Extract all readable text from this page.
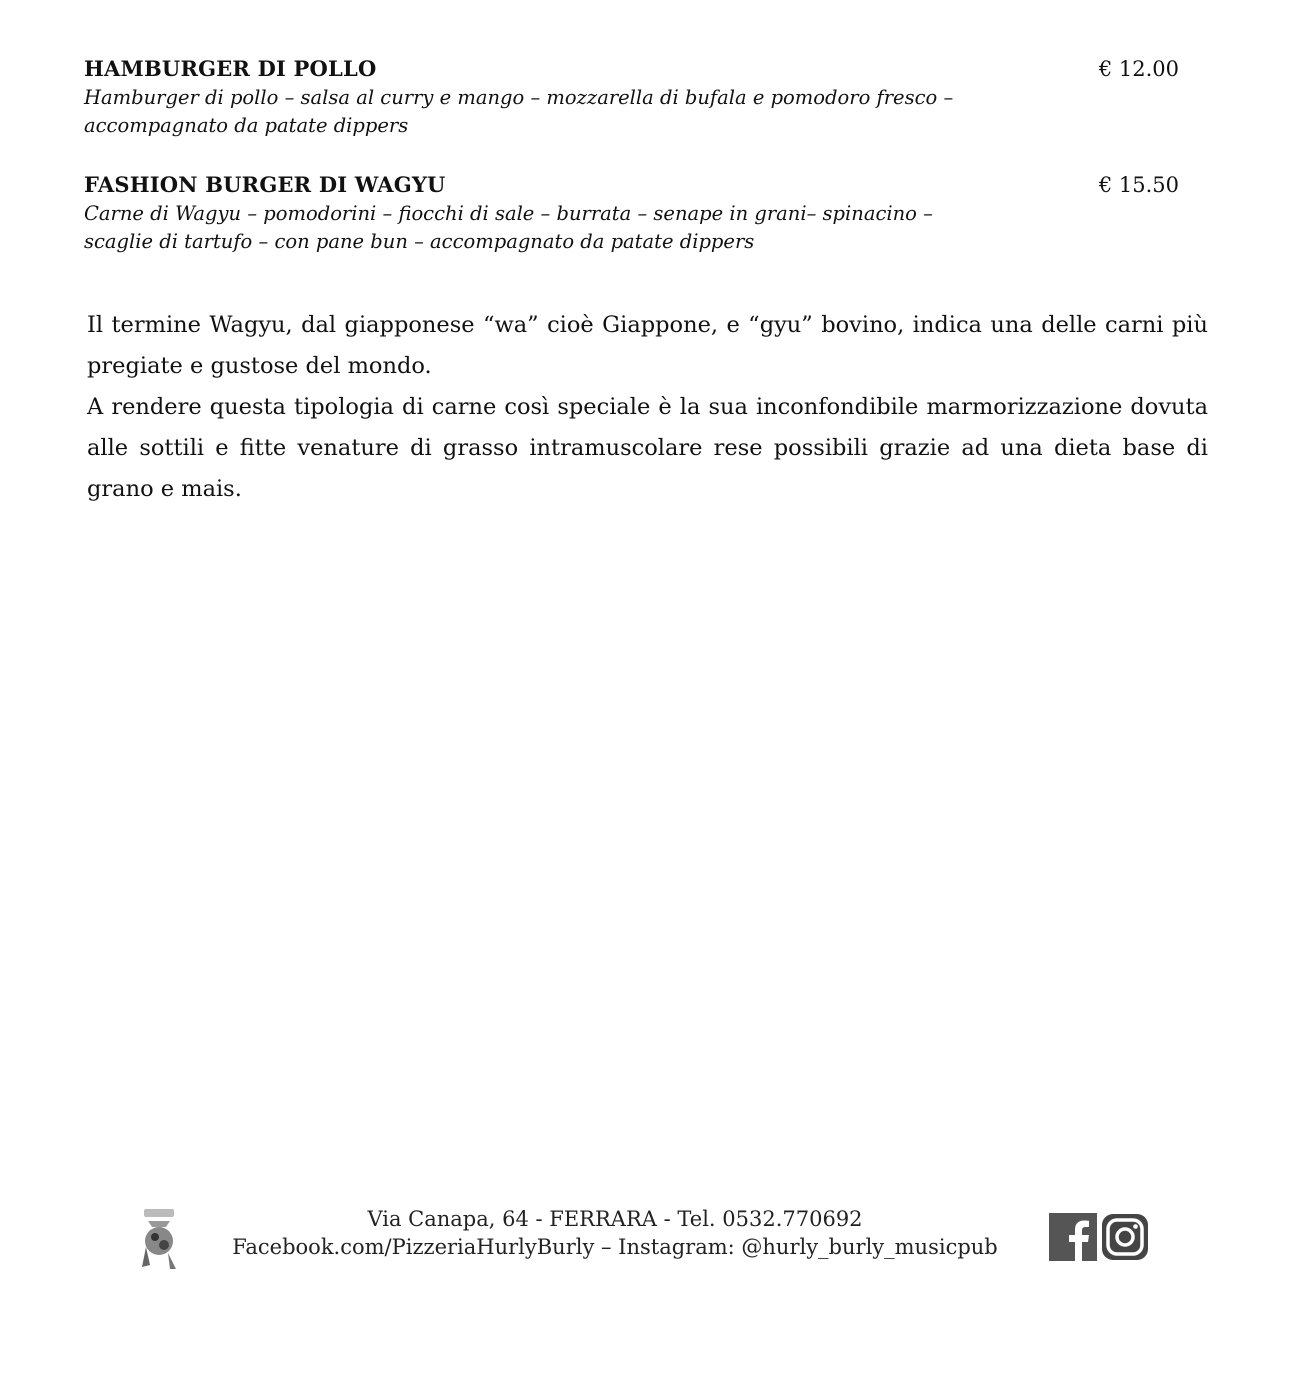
HAMBURGER DI POLLO	€ 12.00
Hamburger di pollo – salsa al curry e mango – mozzarella di bufala e pomodoro fresco –
accompagnato da patate dippers
FASHION BURGER DI WAGYU	€ 15.50
Carne di Wagyu – pomodorini – fiocchi di sale – burrata – senape in grani– spinacino –
scaglie di tartufo – con pane bun – accompagnato da patate dippers

Il termine Wagyu, dal giapponese “wa” cioè Giappone, e “gyu” bovino, indica una delle carni più pregiate e gustose del mondo.

A rendere questa tipologia di carne così speciale è la sua inconfondibile marmorizzazione dovuta alle sottili e fitte venature di grasso intramuscolare rese possibili grazie ad una dieta base di grano e mais.

Via Canapa, 64 - FERRARA - Tel. 0532.770692
Facebook.com/PizzeriaHurlyBurly – Instagram: @hurly_burly_musicpub
